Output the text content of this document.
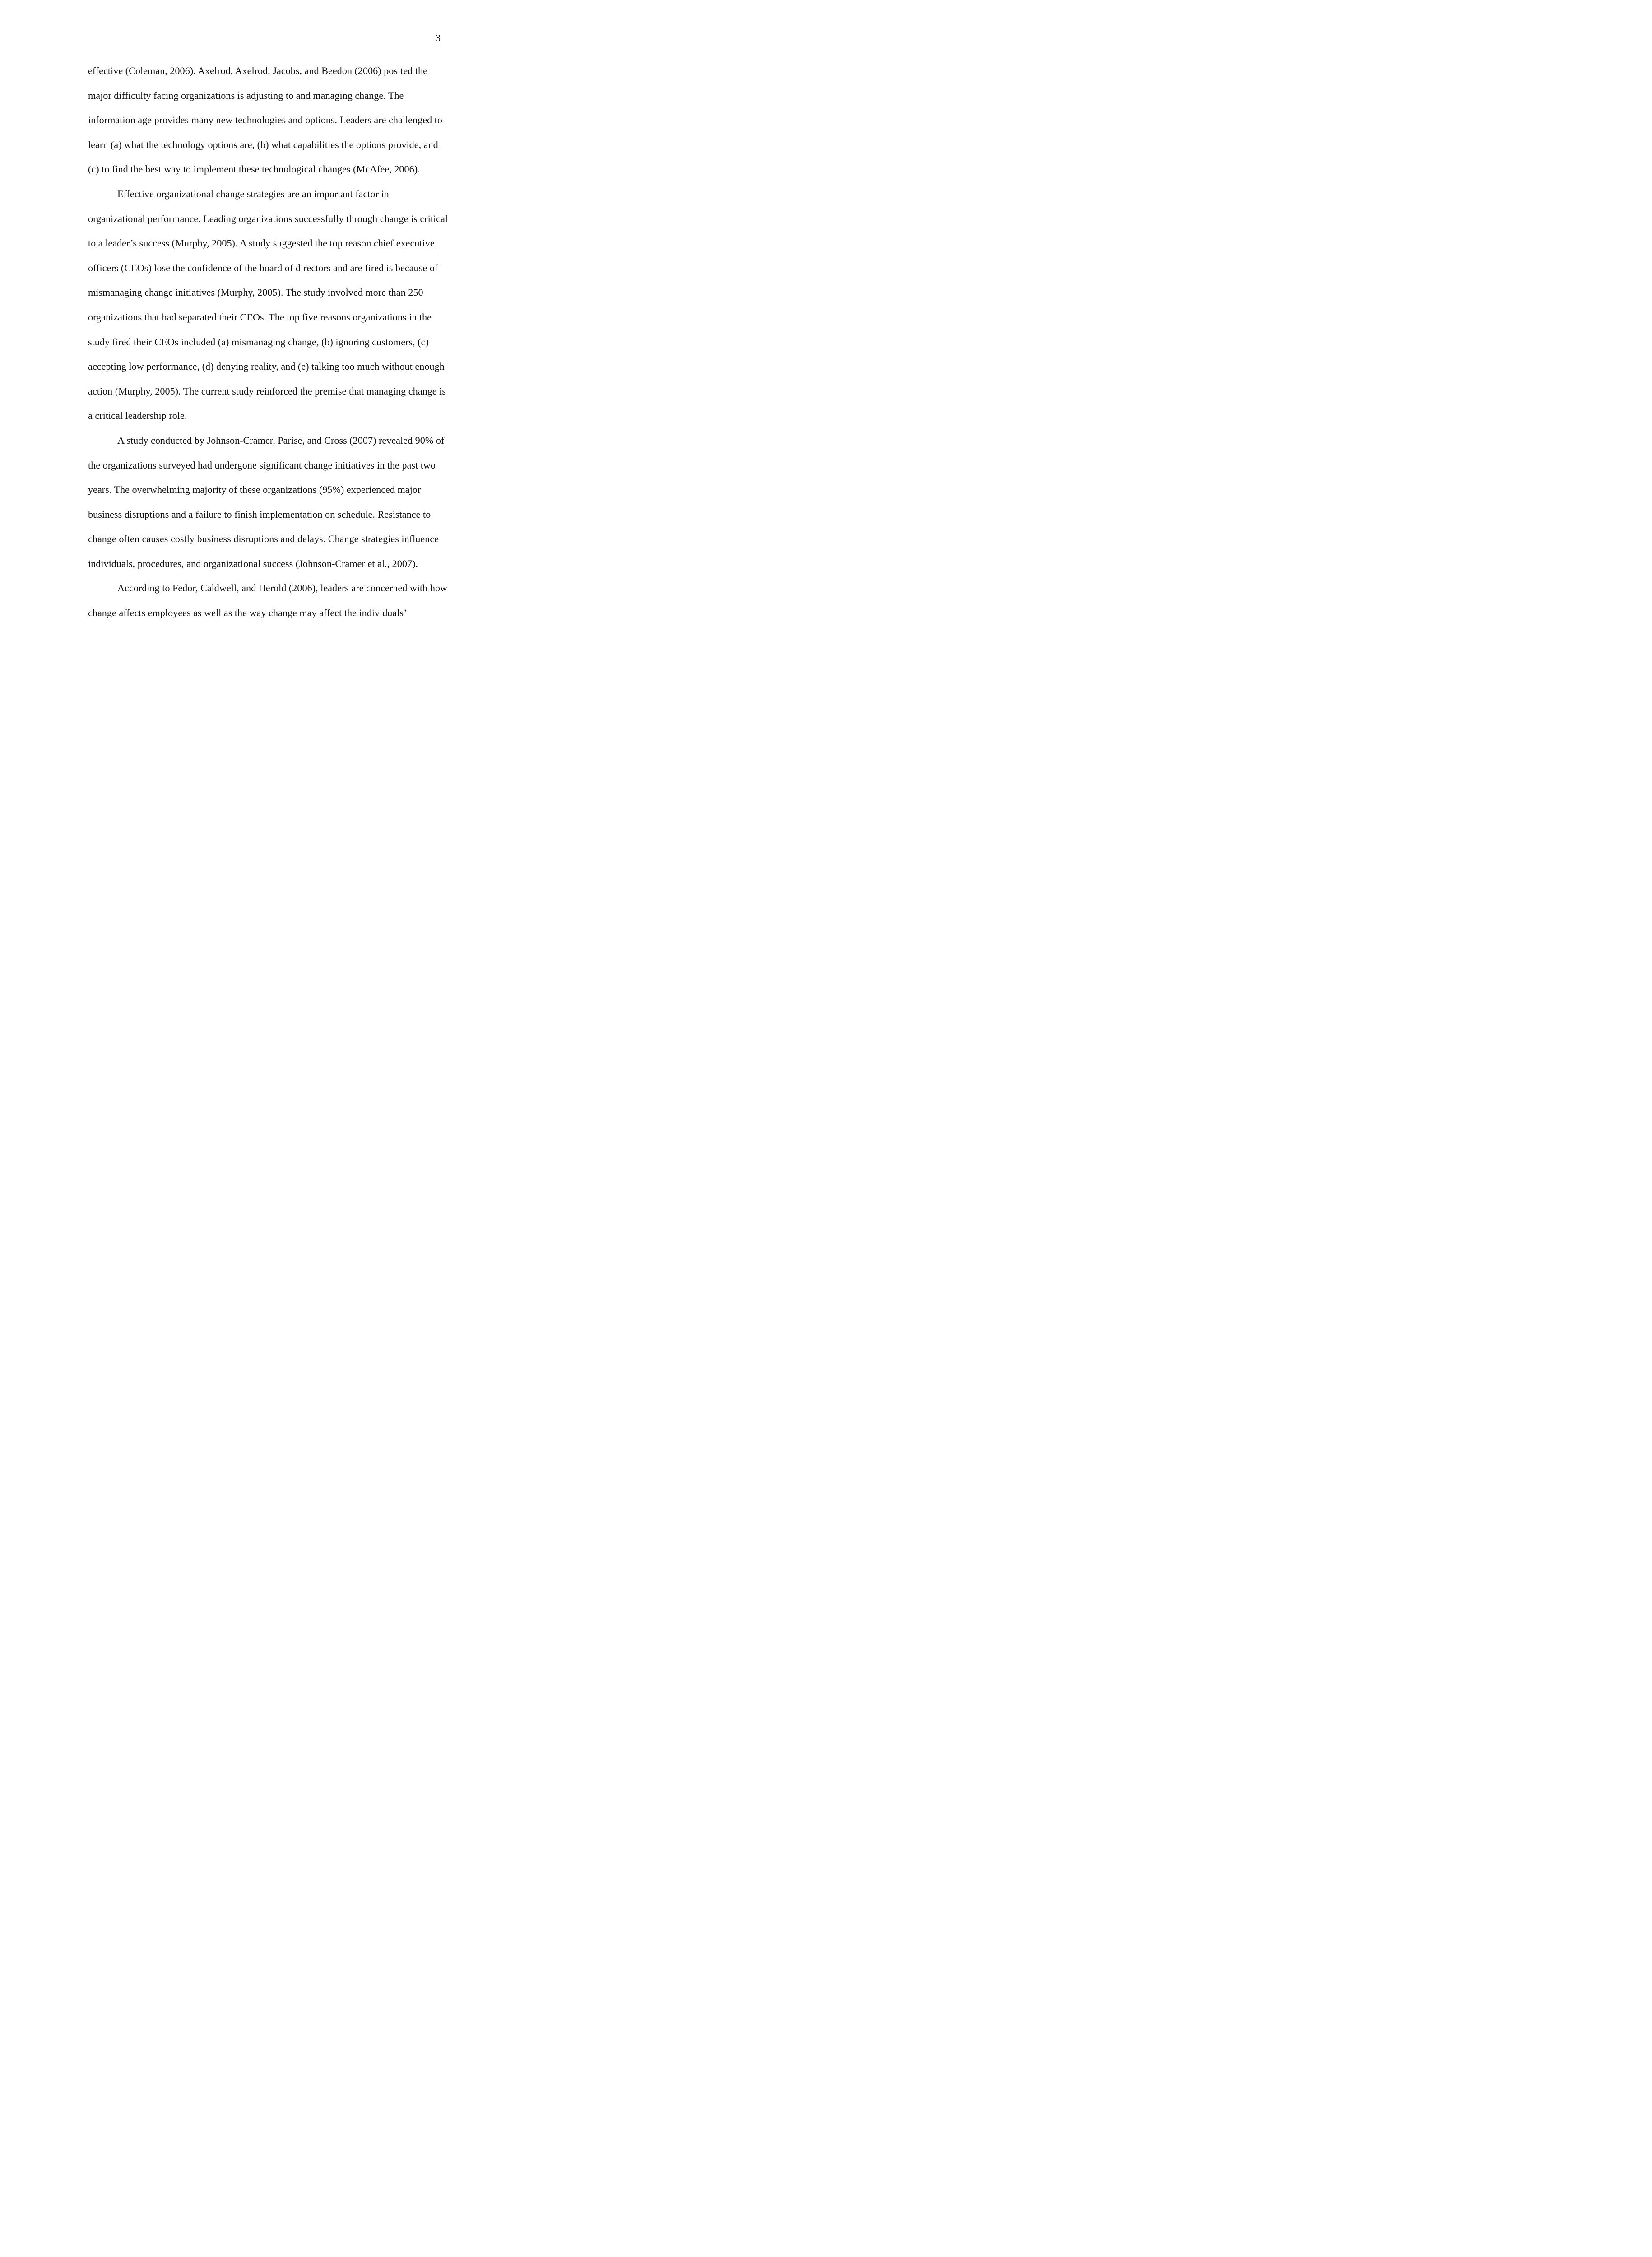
3

effective (Coleman, 2006). Axelrod, Axelrod, Jacobs, and Beedon (2006) posited the

major difficulty facing organizations is adjusting to and managing change. The

information age provides many new technologies and options. Leaders are challenged to

learn (a) what the technology options are, (b) what capabilities the options provide, and

(c) to find the best way to implement these technological changes (McAfee, 2006).

Effective organizational change strategies are an important factor in

organizational performance. Leading organizations successfully through change is critical

to a leader’s success (Murphy, 2005). A study suggested the top reason chief executive

officers (CEOs) lose the confidence of the board of directors and are fired is because of

mismanaging change initiatives (Murphy, 2005). The study involved more than 250

organizations that had separated their CEOs. The top five reasons organizations in the

study fired their CEOs included (a) mismanaging change, (b) ignoring customers, (c)

accepting low performance, (d) denying reality, and (e) talking too much without enough

action (Murphy, 2005). The current study reinforced the premise that managing change is

a critical leadership role.

A study conducted by Johnson-Cramer, Parise, and Cross (2007) revealed 90% of

the organizations surveyed had undergone significant change initiatives in the past two

years. The overwhelming majority of these organizations (95%) experienced major

business disruptions and a failure to finish implementation on schedule. Resistance to

change often causes costly business disruptions and delays. Change strategies influence

individuals, procedures, and organizational success (Johnson-Cramer et al., 2007).

According to Fedor, Caldwell, and Herold (2006), leaders are concerned with how

change affects employees as well as the way change may affect the individuals’
